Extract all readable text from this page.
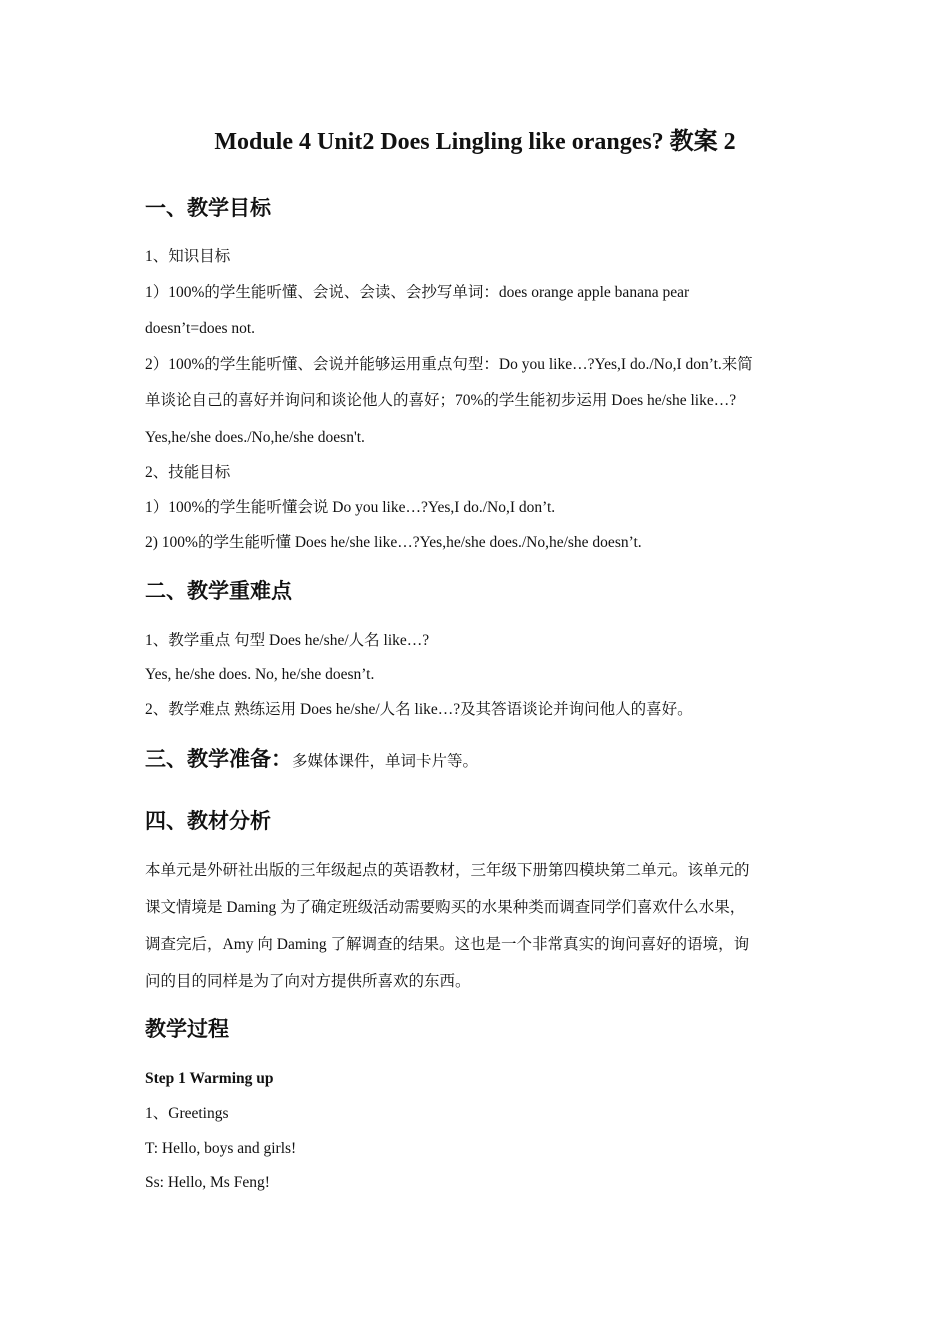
Module 4 Unit2 Does Lingling like oranges? 教案 2
一、教学目标
1、知识目标
1）100%的学生能听懂、会说、会读、会抄写单词：does orange apple banana pear
doesn’t=does not.
2）100%的学生能听懂、会说并能够运用重点句型：Do you like…?Yes,I do./No,I don’t.来简
单谈论自己的喜好并询问和谈论他人的喜好；70%的学生能初步运用 Does he/she like…?
Yes,he/she does./No,he/she doesn't.
2、技能目标
1）100%的学生能听懂会说 Do you like…?Yes,I do./No,I don’t.
2) 100%的学生能听懂 Does he/she like…?Yes,he/she does./No,he/she doesn’t.
二、教学重难点
1、教学重点 句型 Does he/she/人名 like…?
Yes, he/she does. No, he/she doesn’t.
2、教学难点 熟练运用 Does he/she/人名 like…?及其答语谈论并询问他人的喜好。
三、教学准备：多媒体课件，单词卡片等。
四、教材分析
本单元是外研社出版的三年级起点的英语教材，三年级下册第四模块第二单元。该单元的
课文情境是 Daming 为了确定班级活动需要购买的水果种类而调查同学们喜欢什么水果，
调查完后，Amy 向 Daming 了解调查的结果。这也是一个非常真实的询问喜好的语境，询
问的目的同样是为了向对方提供所喜欢的东西。
教学过程
Step 1 Warming up
1、Greetings
T: Hello, boys and girls!
Ss: Hello, Ms Feng!
